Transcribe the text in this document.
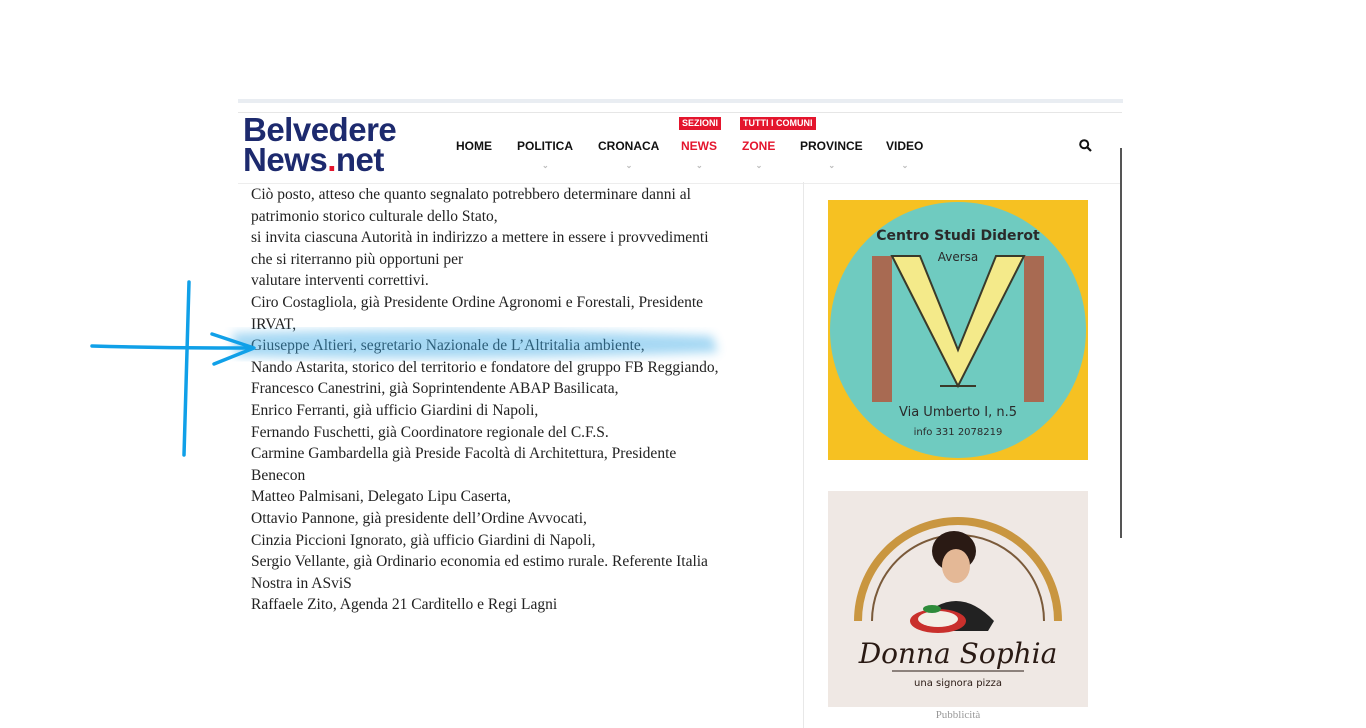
Belvedere
News.net	HOME POLITICA
⌄
CRONACA
⌄
SEZIONI
NEWS
⌄
TUTTI I COMUNI
ZONE
⌄
PROVINCE
⌄
VIDEO
⌄

Ciò posto, atteso che quanto segnalato potrebbero determinare danni al

patrimonio storico culturale dello Stato,

si invita ciascuna Autorità in indirizzo a mettere in essere i provvedimenti

che si riterranno più opportuni per

valutare interventi correttivi.

Ciro Costagliola, già Presidente Ordine Agronomi e Forestali, Presidente

IRVAT,

Giuseppe Altieri, segretario Nazionale de L’Altritalia ambiente,

Nando Astarita, storico del territorio e fondatore del gruppo FB Reggiando,

Francesco Canestrini, già Soprintendente ABAP Basilicata,

Enrico Ferranti, già ufficio Giardini di Napoli,

Fernando Fuschetti, già Coordinatore regionale del C.F.S.

Carmine Gambardella già Preside Facoltà di Architettura, Presidente

Benecon

Matteo Palmisani, Delegato Lipu Caserta,

Ottavio Pannone, già presidente dell’Ordine Avvocati,

Cinzia Piccioni Ignorato, già ufficio Giardini di Napoli,

Sergio Vellante, già Ordinario economia ed estimo rurale. Referente Italia

Nostra in ASviS

Raffaele Zito, Agenda 21 Carditello e Regi Lagni

Centro Studi Diderot
Aversa
Via Umberto I, n.5
info 331 2078219
Donna Sophia
una signora pizza
Pubblicità
